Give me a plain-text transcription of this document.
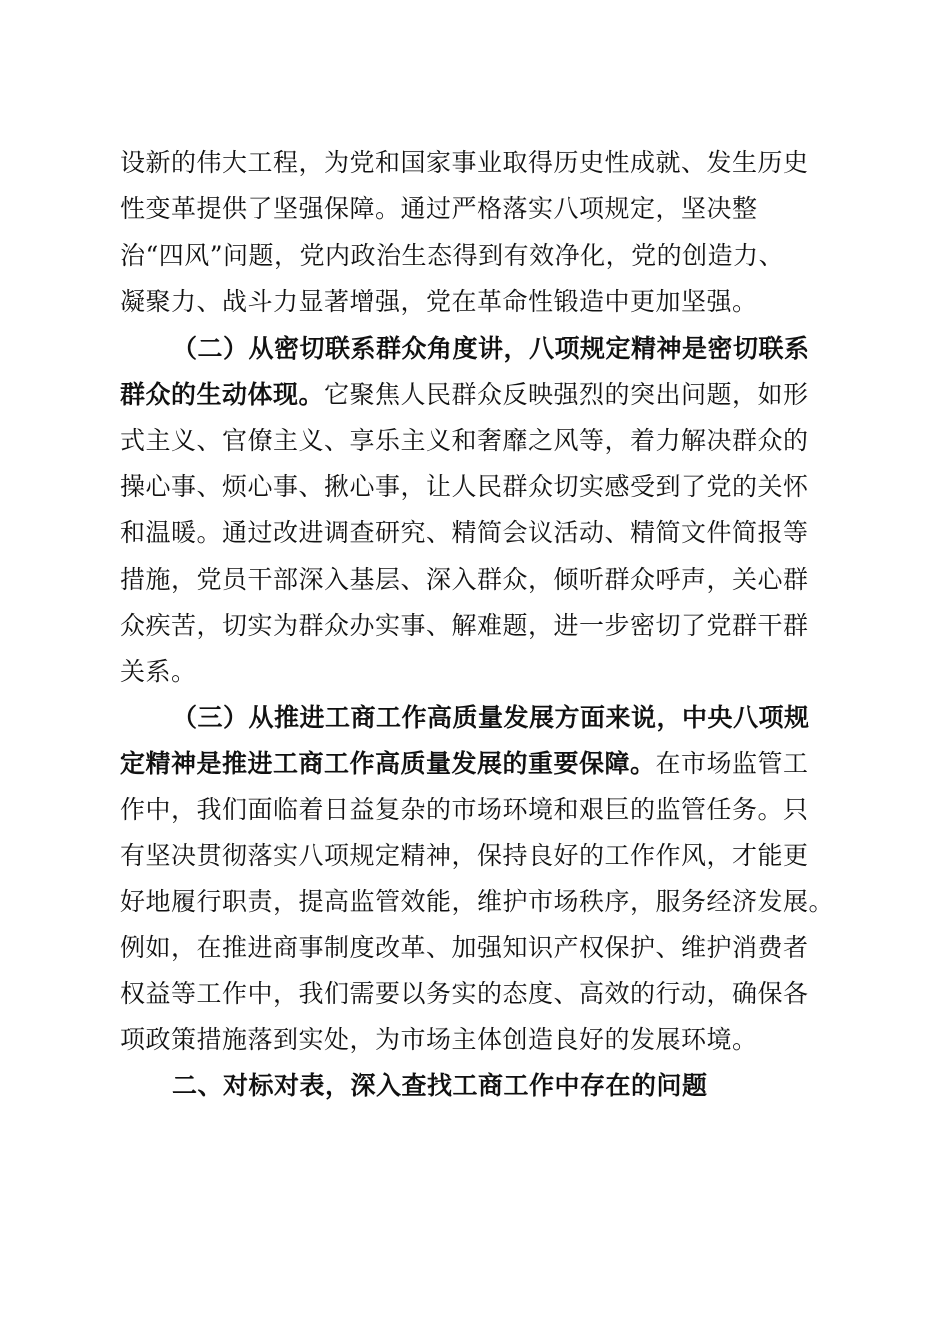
设新的伟大工程，为党和国家事业取得历史性成就、发生历史
性变革提供了坚强保障。通过严格落实八项规定，坚决整
治“四风”问题，党内政治生态得到有效净化，党的创造力、
凝聚力、战斗力显著增强，党在革命性锻造中更加坚强。
（二）从密切联系群众角度讲，八项规定精神是密切联系
群众的生动体现。它聚焦人民群众反映强烈的突出问题，如形
式主义、官僚主义、享乐主义和奢靡之风等，着力解决群众的
操心事、烦心事、揪心事，让人民群众切实感受到了党的关怀
和温暖。通过改进调查研究、精简会议活动、精简文件简报等
措施，党员干部深入基层、深入群众，倾听群众呼声，关心群
众疾苦，切实为群众办实事、解难题，进一步密切了党群干群
关系。
（三）从推进工商工作高质量发展方面来说，中央八项规
定精神是推进工商工作高质量发展的重要保障。在市场监管工
作中，我们面临着日益复杂的市场环境和艰巨的监管任务。只
有坚决贯彻落实八项规定精神，保持良好的工作作风，才能更
好地履行职责，提高监管效能，维护市场秩序，服务经济发展。
例如，在推进商事制度改革、加强知识产权保护、维护消费者
权益等工作中，我们需要以务实的态度、高效的行动，确保各
项政策措施落到实处，为市场主体创造良好的发展环境。
二、对标对表，深入查找工商工作中存在的问题
